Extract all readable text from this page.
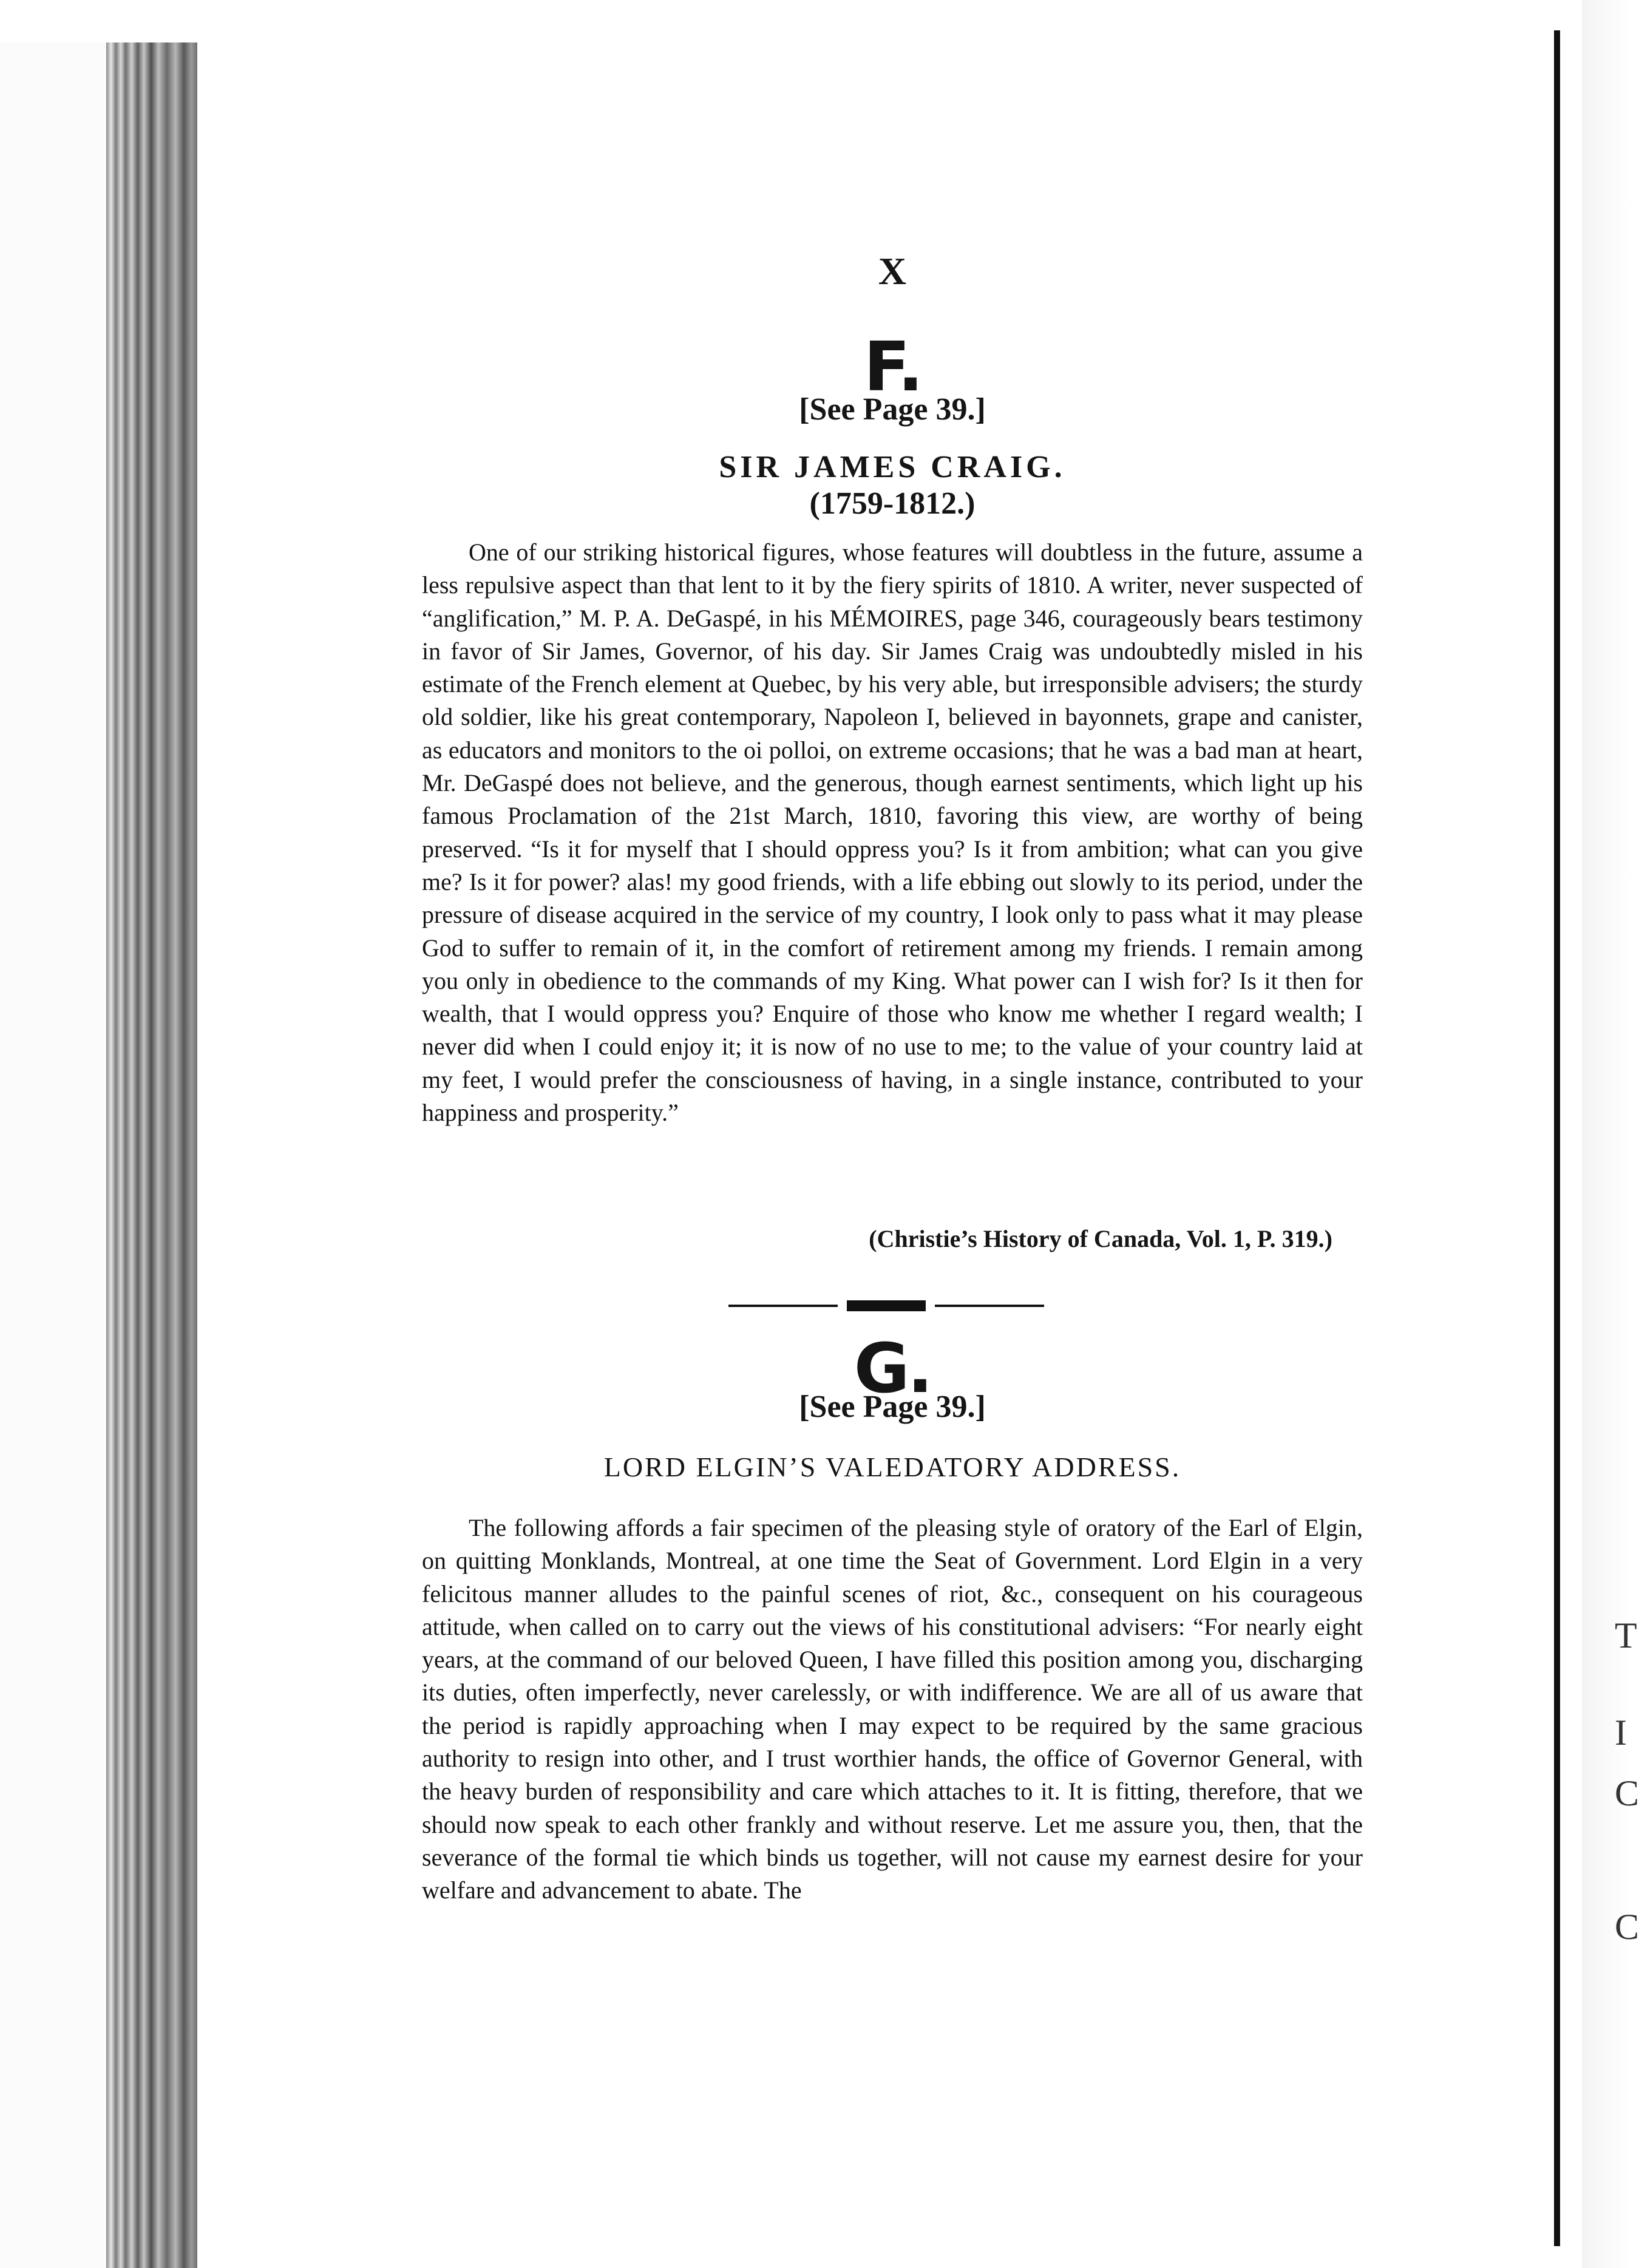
T
I
C
C
X
F.
[See Page 39.]
SIR JAMES CRAIG.
(1759-1812.)

One of our striking historical figures, whose features will doubtless in the future, assume a less repulsive aspect than that lent to it by the fiery spirits of 1810. A writer, never suspected of “anglification,” M. P. A. DeGaspé, in his MÉMOIRES, page 346, courageously bears testimony in favor of Sir James, Governor, of his day. Sir James Craig was undoubtedly misled in his estimate of the French element at Quebec, by his very able, but irresponsible advisers; the sturdy old soldier, like his great contemporary, Napoleon I, believed in bayonnets, grape and canister, as educators and monitors to the oi polloi, on extreme occasions; that he was a bad man at heart, Mr. DeGaspé does not believe, and the generous, though earnest sentiments, which light up his famous Proclamation of the 21st March, 1810, favoring this view, are worthy of being preserved. “Is it for myself that I should oppress you? Is it from ambition; what can you give me? Is it for power? alas! my good friends, with a life ebbing out slowly to its period, under the pressure of disease acquired in the service of my country, I look only to pass what it may please God to suffer to remain of it, in the comfort of retirement among my friends. I remain among you only in obedience to the commands of my King. What power can I wish for? Is it then for wealth, that I would oppress you? Enquire of those who know me whether I regard wealth; I never did when I could enjoy it; it is now of no use to me; to the value of your country laid at my feet, I would prefer the consciousness of having, in a single instance, contributed to your happiness and prosperity.”

(Christie’s History of Canada, Vol. 1, P. 319.)
G.
[See Page 39.]
LORD ELGIN’S VALEDATORY ADDRESS.

The following affords a fair specimen of the pleasing style of oratory of the Earl of Elgin, on quitting Monklands, Montreal, at one time the Seat of Government. Lord Elgin in a very felicitous manner alludes to the painful scenes of riot, &c., consequent on his courageous attitude, when called on to carry out the views of his constitutional advisers: “For nearly eight years, at the command of our beloved Queen, I have filled this position among you, discharging its duties, often imperfectly, never carelessly, or with indifference. We are all of us aware that the period is rapidly approaching when I may expect to be required by the same gracious authority to resign into other, and I trust worthier hands, the office of Governor General, with the heavy burden of responsibility and care which attaches to it. It is fitting, therefore, that we should now speak to each other frankly and without reserve. Let me assure you, then, that the severance of the formal tie which binds us together, will not cause my earnest desire for your welfare and advancement to abate. The
